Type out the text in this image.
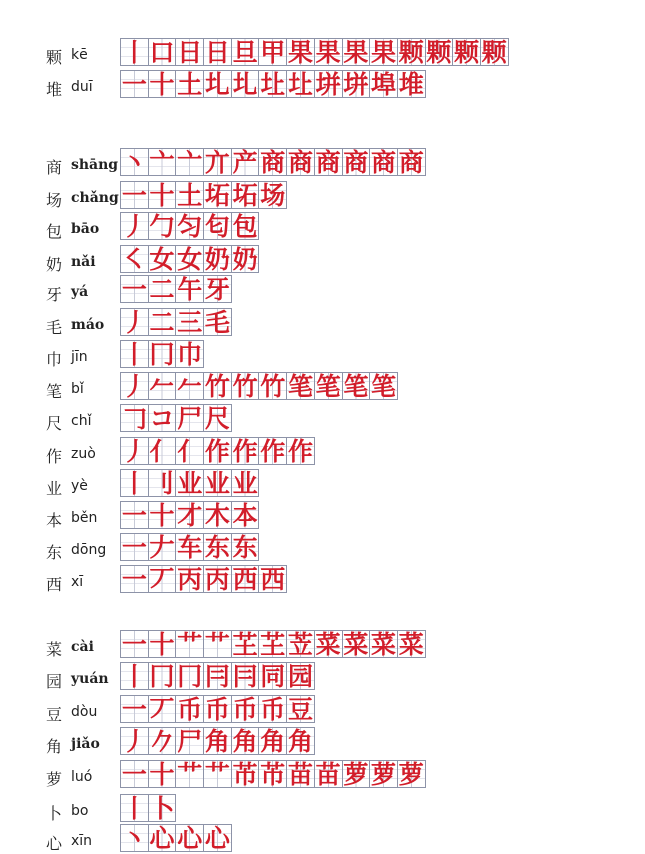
颗 kē 丨 口 日 日 旦 甲 果 果 果 果 颗 颗 颗 颗
堆 duī 一 十 土 圠 圠 圵 圵 垪 垪 埠 堆
商 shāng 丶 亠 亠 亣 产 商 商 商 商 商 商
场 chǎng 一 十 土 坧 坧 场
包 bāo 丿 勹 匀 匂 包
奶 nǎi ㇛ 女 女 奶 奶
牙 yá 一 二 午 牙
毛 máo 丿 二 三 毛
巾 jīn 丨 冂 巾
笔 bǐ 丿 𠂉 𠂉 竹 竹 竹 笔 笔 笔 笔
尺 chǐ 𠃌 コ 尸 尺
作 zuò 丿 亻 亻 作 作 作 作
业 yè 丨 刂 业 业 业
本 běn 一 十 才 木 本
东 dōng 一 𠂇 车 东 东
西 xī 一 丆 丙 丙 西 西
菜 cài 一 十 艹 艹 芏 芏 苙 菜 菜 菜 菜
园 yuán 丨 冂 冂 冃 冃 同 园
豆 dòu 一 丆 币 币 币 币 豆
角 jiǎo 丿 𠂊 尸 角 角 角 角
萝 luó 一 十 艹 艹 芇 芇 苗 苗 萝 萝 萝
卜 bo 丨 卜
心 xīn 丶 心 心 心
